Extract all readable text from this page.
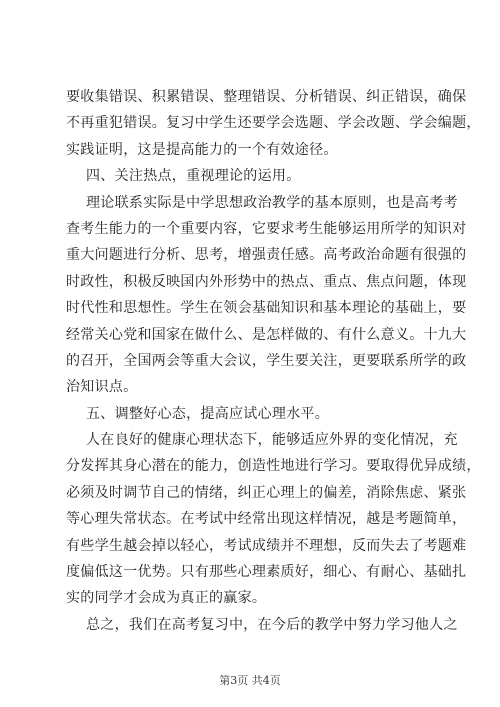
要收集错误、积累错误、整理错误、分析错误、纠正错误，确保
不再重犯错误。复习中学生还要学会选题、学会改题、学会编题，
实践证明，这是提高能力的一个有效途径。
四、关注热点，重视理论的运用。
理论联系实际是中学思想政治教学的基本原则，也是高考考
查考生能力的一个重要内容，它要求考生能够运用所学的知识对
重大问题进行分析、思考，增强责任感。高考政治命题有很强的
时政性，积极反映国内外形势中的热点、重点、焦点问题，体现
时代性和思想性。学生在领会基础知识和基本理论的基础上，要
经常关心党和国家在做什么、是怎样做的、有什么意义。十九大
的召开，全国两会等重大会议，学生要关注，更要联系所学的政
治知识点。
五、调整好心态，提高应试心理水平。
人在良好的健康心理状态下，能够适应外界的变化情况，充
分发挥其身心潜在的能力，创造性地进行学习。要取得优异成绩，
必须及时调节自己的情绪，纠正心理上的偏差，消除焦虑、紧张
等心理失常状态。在考试中经常出现这样情况，越是考题简单，
有些学生越会掉以轻心，考试成绩并不理想，反而失去了考题难
度偏低这一优势。只有那些心理素质好，细心、有耐心、基础扎
实的同学才会成为真正的赢家。
总之，我们在高考复习中，在今后的教学中努力学习他人之
第3页 共4页
